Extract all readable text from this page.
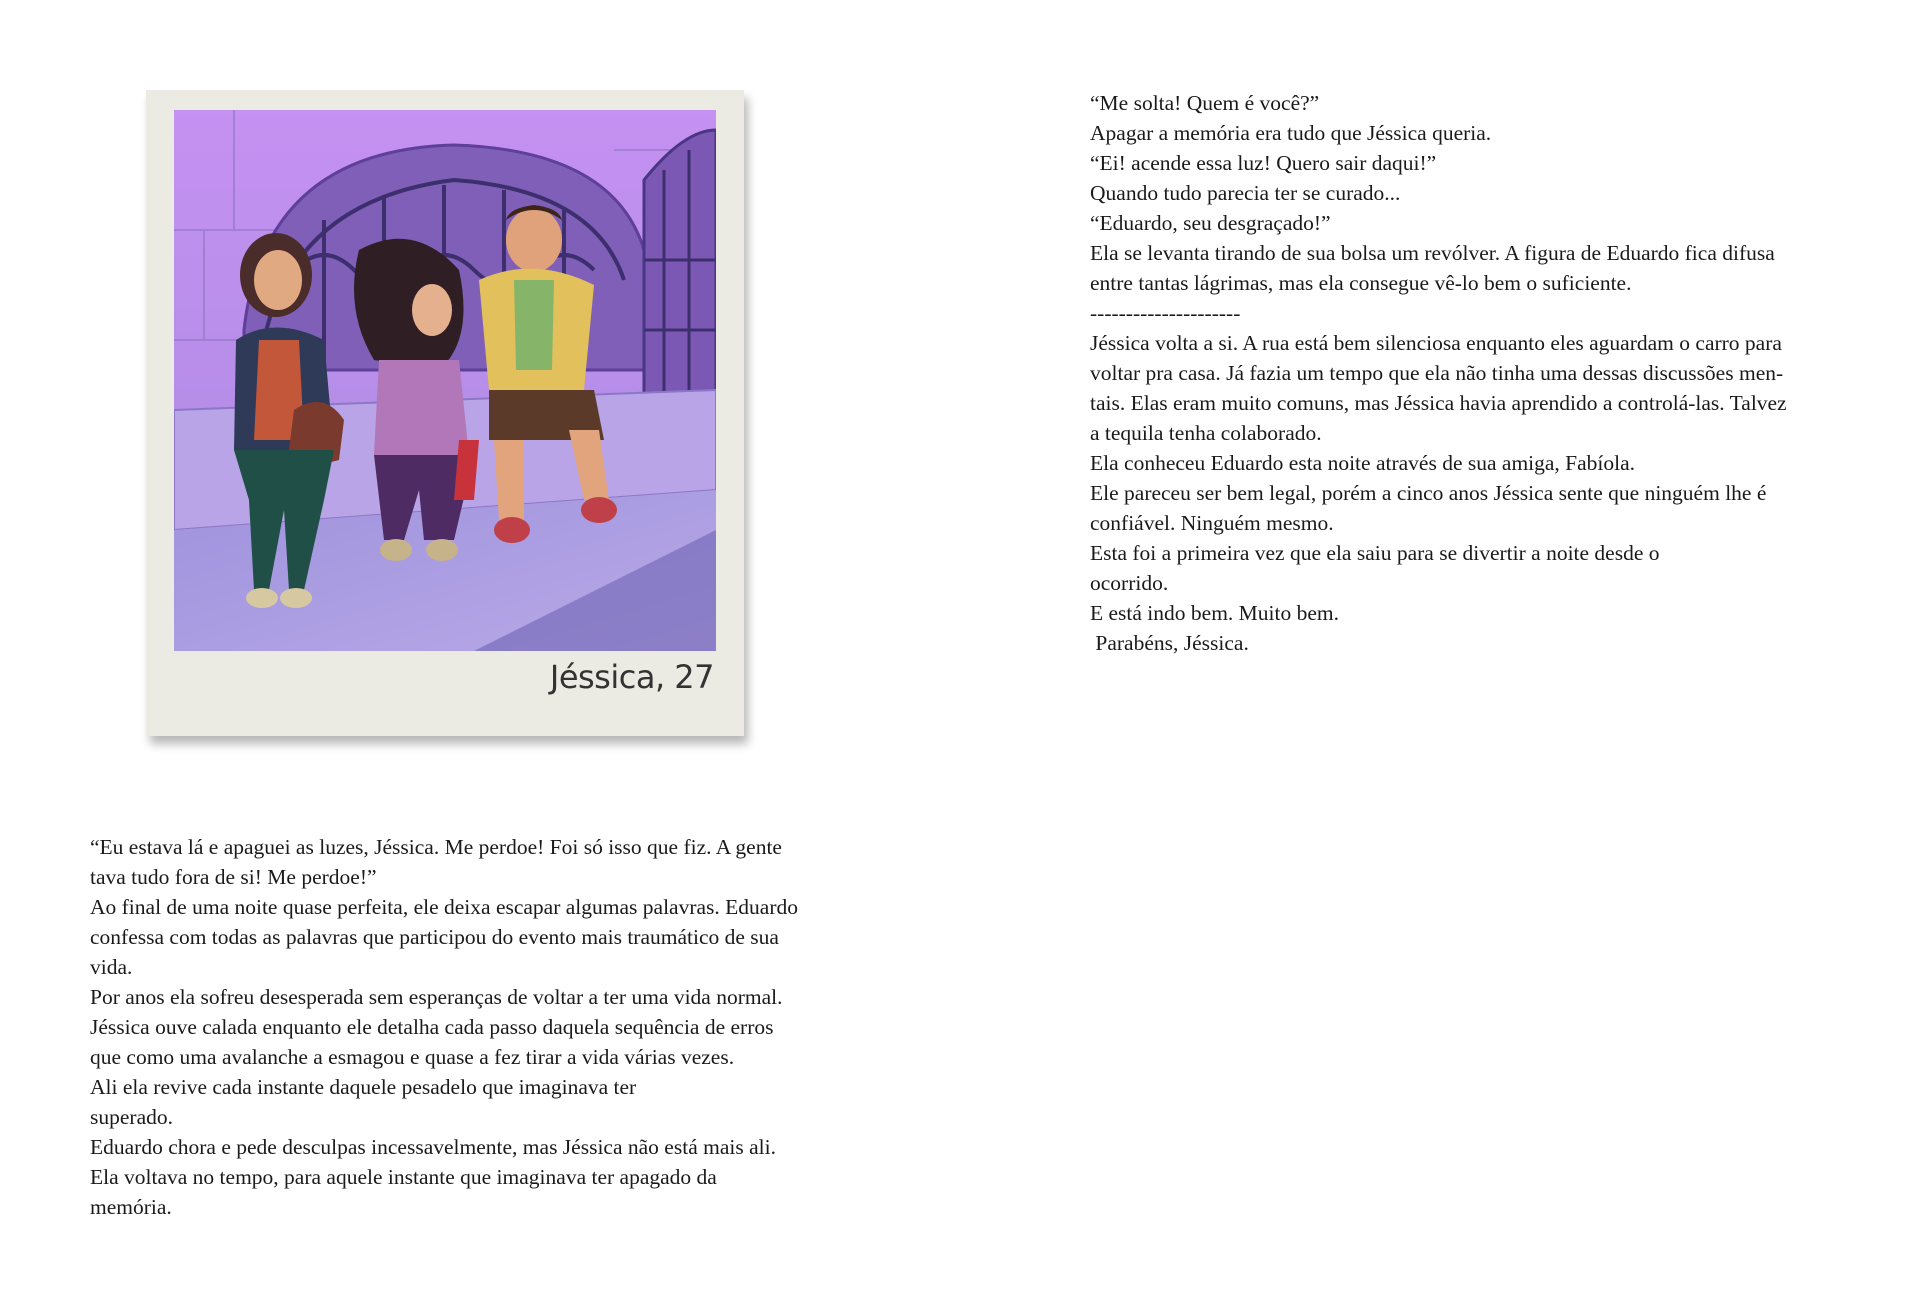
Jéssica, 27

“Eu estava lá e apaguei as luzes, Jéssica. Me perdoe! Foi só isso que fiz. A gente

tava tudo fora de si! Me perdoe!”

Ao final de uma noite quase perfeita, ele deixa escapar algumas palavras. Eduardo

confessa com todas as palavras que participou do evento mais traumático de sua

vida.

Por anos ela sofreu desesperada sem esperanças de voltar a ter uma vida normal.

Jéssica ouve calada enquanto ele detalha cada passo daquela sequência de erros

que como uma avalanche a esmagou e quase a fez tirar a vida várias vezes.

Ali ela revive cada instante daquele pesadelo que imaginava ter

superado.

Eduardo chora e pede desculpas incessavelmente, mas Jéssica não está mais ali.

Ela voltava no tempo, para aquele instante que imaginava ter apagado da

memória.

“Me solta! Quem é você?”

Apagar a memória era tudo que Jéssica queria.

“Ei! acende essa luz! Quero sair daqui!”

Quando tudo parecia ter se curado...

“Eduardo, seu desgraçado!”

Ela se levanta tirando de sua bolsa um revólver. A figura de Eduardo fica difusa

entre tantas lágrimas, mas ela consegue vê-lo bem o suficiente.

---------------------

Jéssica volta a si. A rua está bem silenciosa enquanto eles aguardam o carro para

voltar pra casa. Já fazia um tempo que ela não tinha uma dessas discussões men-

tais. Elas eram muito comuns, mas Jéssica havia aprendido a controlá-las. Talvez

a tequila tenha colaborado.

Ela conheceu Eduardo esta noite através de sua amiga, Fabíola.

Ele pareceu ser bem legal, porém a cinco anos Jéssica sente que ninguém lhe é

confiável. Ninguém mesmo.

Esta foi a primeira vez que ela saiu para se divertir a noite desde o

ocorrido.

E está indo bem. Muito bem.

Parabéns, Jéssica.
